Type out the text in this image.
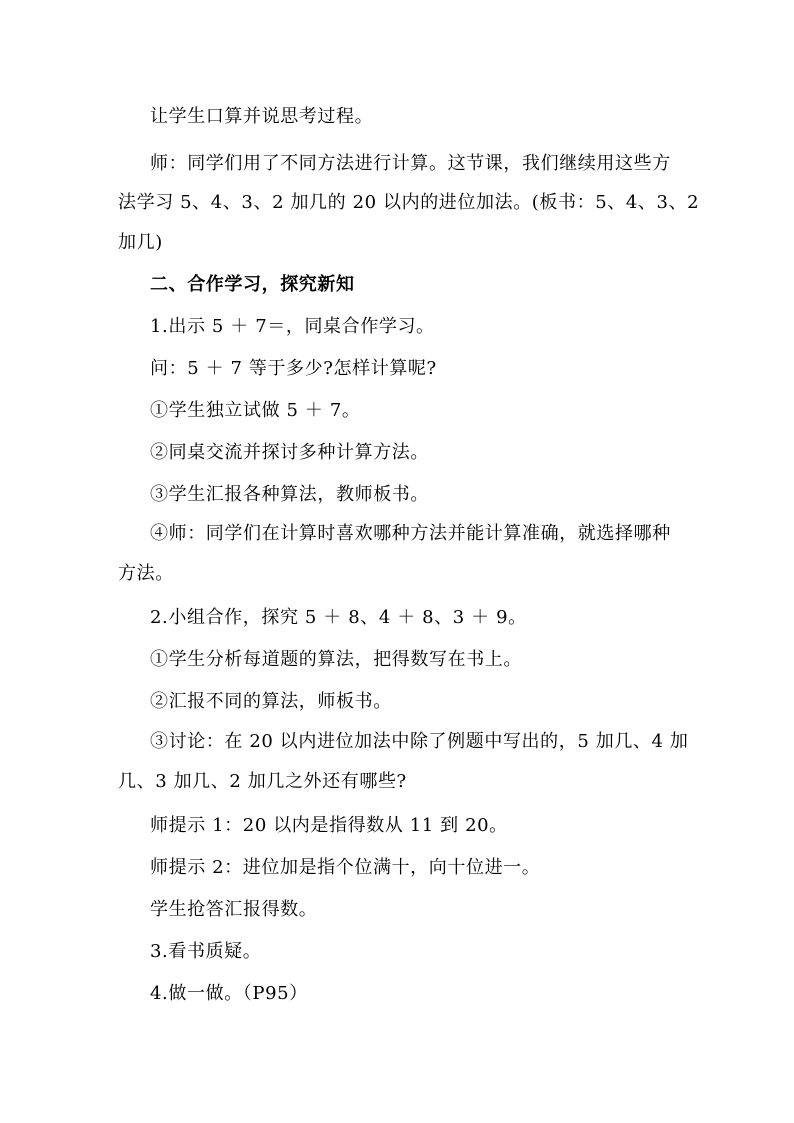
让学生口算并说思考过程。
师：同学们用了不同方法进行计算。这节课，我们继续用这些方
法学习 5、4、3、2 加几的 20 以内的进位加法。(板书：5、4、3、2
加几)
二、合作学习，探究新知
1.出示 5 ＋ 7＝，同桌合作学习。
问：5 ＋ 7 等于多少?怎样计算呢?
①学生独立试做 5 ＋ 7。
②同桌交流并探讨多种计算方法。
③学生汇报各种算法，教师板书。
④师：同学们在计算时喜欢哪种方法并能计算准确，就选择哪种
方法。
2.小组合作，探究 5 ＋ 8、4 ＋ 8、3 ＋ 9。
①学生分析每道题的算法，把得数写在书上。
②汇报不同的算法，师板书。
③讨论：在 20 以内进位加法中除了例题中写出的，5 加几、4 加
几、3 加几、2 加几之外还有哪些?
师提示 1：20 以内是指得数从 11 到 20。
师提示 2：进位加是指个位满十，向十位进一。
学生抢答汇报得数。
3.看书质疑。
4.做一做。（P95）
